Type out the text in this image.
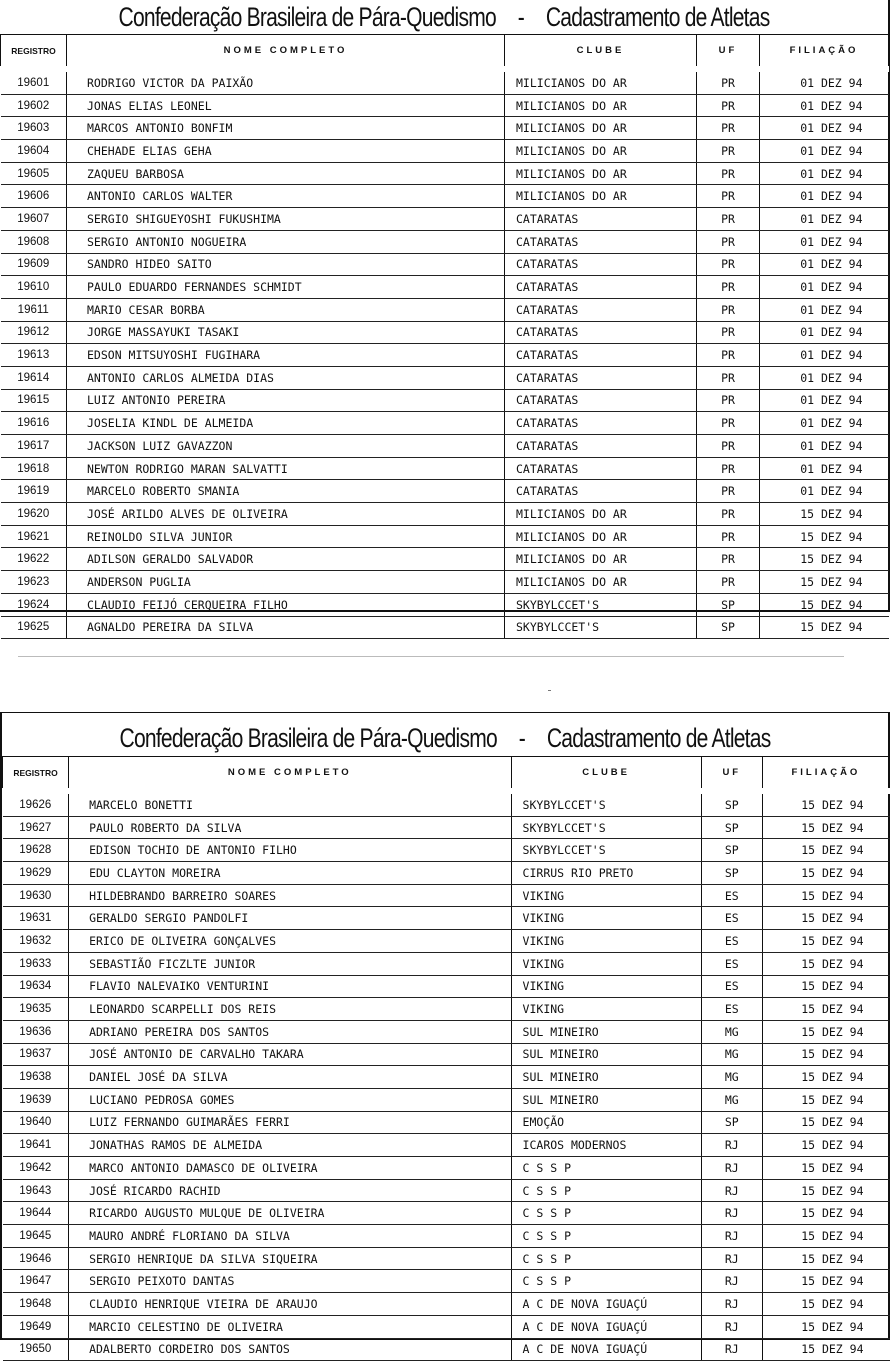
Confederação Brasileira de Pára-Quedismo - Cadastramento de Atletas
REGISTRO	NOME COMPLETO	CLUBE	UF	FILIAÇÃO
19601	RODRIGO VICTOR DA PAIXÃO	MILICIANOS DO AR	PR	01 DEZ 94
19602	JONAS ELIAS LEONEL	MILICIANOS DO AR	PR	01 DEZ 94
19603	MARCOS ANTONIO BONFIM	MILICIANOS DO AR	PR	01 DEZ 94
19604	CHEHADE ELIAS GEHA	MILICIANOS DO AR	PR	01 DEZ 94
19605	ZAQUEU BARBOSA	MILICIANOS DO AR	PR	01 DEZ 94
19606	ANTONIO CARLOS WALTER	MILICIANOS DO AR	PR	01 DEZ 94
19607	SERGIO SHIGUEYOSHI FUKUSHIMA	CATARATAS	PR	01 DEZ 94
19608	SERGIO ANTONIO NOGUEIRA	CATARATAS	PR	01 DEZ 94
19609	SANDRO HIDEO SAITO	CATARATAS	PR	01 DEZ 94
19610	PAULO EDUARDO FERNANDES SCHMIDT	CATARATAS	PR	01 DEZ 94
19611	MARIO CESAR BORBA	CATARATAS	PR	01 DEZ 94
19612	JORGE MASSAYUKI TASAKI	CATARATAS	PR	01 DEZ 94
19613	EDSON MITSUYOSHI FUGIHARA	CATARATAS	PR	01 DEZ 94
19614	ANTONIO CARLOS ALMEIDA DIAS	CATARATAS	PR	01 DEZ 94
19615	LUIZ ANTONIO PEREIRA	CATARATAS	PR	01 DEZ 94
19616	JOSELIA KINDL DE ALMEIDA	CATARATAS	PR	01 DEZ 94
19617	JACKSON LUIZ GAVAZZON	CATARATAS	PR	01 DEZ 94
19618	NEWTON RODRIGO MARAN SALVATTI	CATARATAS	PR	01 DEZ 94
19619	MARCELO ROBERTO SMANIA	CATARATAS	PR	01 DEZ 94
19620	JOSÉ ARILDO ALVES DE OLIVEIRA	MILICIANOS DO AR	PR	15 DEZ 94
19621	REINOLDO SILVA JUNIOR	MILICIANOS DO AR	PR	15 DEZ 94
19622	ADILSON GERALDO SALVADOR	MILICIANOS DO AR	PR	15 DEZ 94
19623	ANDERSON PUGLIA	MILICIANOS DO AR	PR	15 DEZ 94
19624	CLAUDIO FEIJÓ CERQUEIRA FILHO	SKYBYLCCET'S	SP	15 DEZ 94
19625	AGNALDO PEREIRA DA SILVA	SKYBYLCCET'S	SP	15 DEZ 94
Confederação Brasileira de Pára-Quedismo - Cadastramento de Atletas
REGISTRO	NOME COMPLETO	CLUBE	UF	FILIAÇÃO
19626	MARCELO BONETTI	SKYBYLCCET'S	SP	15 DEZ 94
19627	PAULO ROBERTO DA SILVA	SKYBYLCCET'S	SP	15 DEZ 94
19628	EDISON TOCHIO DE ANTONIO FILHO	SKYBYLCCET'S	SP	15 DEZ 94
19629	EDU CLAYTON MOREIRA	CIRRUS RIO PRETO	SP	15 DEZ 94
19630	HILDEBRANDO BARREIRO SOARES	VIKING	ES	15 DEZ 94
19631	GERALDO SERGIO PANDOLFI	VIKING	ES	15 DEZ 94
19632	ERICO DE OLIVEIRA GONÇALVES	VIKING	ES	15 DEZ 94
19633	SEBASTIÃO FICZLTE JUNIOR	VIKING	ES	15 DEZ 94
19634	FLAVIO NALEVAIKO VENTURINI	VIKING	ES	15 DEZ 94
19635	LEONARDO SCARPELLI DOS REIS	VIKING	ES	15 DEZ 94
19636	ADRIANO PEREIRA DOS SANTOS	SUL MINEIRO	MG	15 DEZ 94
19637	JOSÉ ANTONIO DE CARVALHO TAKARA	SUL MINEIRO	MG	15 DEZ 94
19638	DANIEL JOSÉ DA SILVA	SUL MINEIRO	MG	15 DEZ 94
19639	LUCIANO PEDROSA GOMES	SUL MINEIRO	MG	15 DEZ 94
19640	LUIZ FERNANDO GUIMARÃES FERRI	EMOÇÃO	SP	15 DEZ 94
19641	JONATHAS RAMOS DE ALMEIDA	ICAROS MODERNOS	RJ	15 DEZ 94
19642	MARCO ANTONIO DAMASCO DE OLIVEIRA	C S S P	RJ	15 DEZ 94
19643	JOSÉ RICARDO RACHID	C S S P	RJ	15 DEZ 94
19644	RICARDO AUGUSTO MULQUE DE OLIVEIRA	C S S P	RJ	15 DEZ 94
19645	MAURO ANDRÉ FLORIANO DA SILVA	C S S P	RJ	15 DEZ 94
19646	SERGIO HENRIQUE DA SILVA SIQUEIRA	C S S P	RJ	15 DEZ 94
19647	SERGIO PEIXOTO DANTAS	C S S P	RJ	15 DEZ 94
19648	CLAUDIO HENRIQUE VIEIRA DE ARAUJO	A C DE NOVA IGUAÇÚ	RJ	15 DEZ 94
19649	MARCIO CELESTINO DE OLIVEIRA	A C DE NOVA IGUAÇÚ	RJ	15 DEZ 94
19650	ADALBERTO CORDEIRO DOS SANTOS	A C DE NOVA IGUAÇÚ	RJ	15 DEZ 94
